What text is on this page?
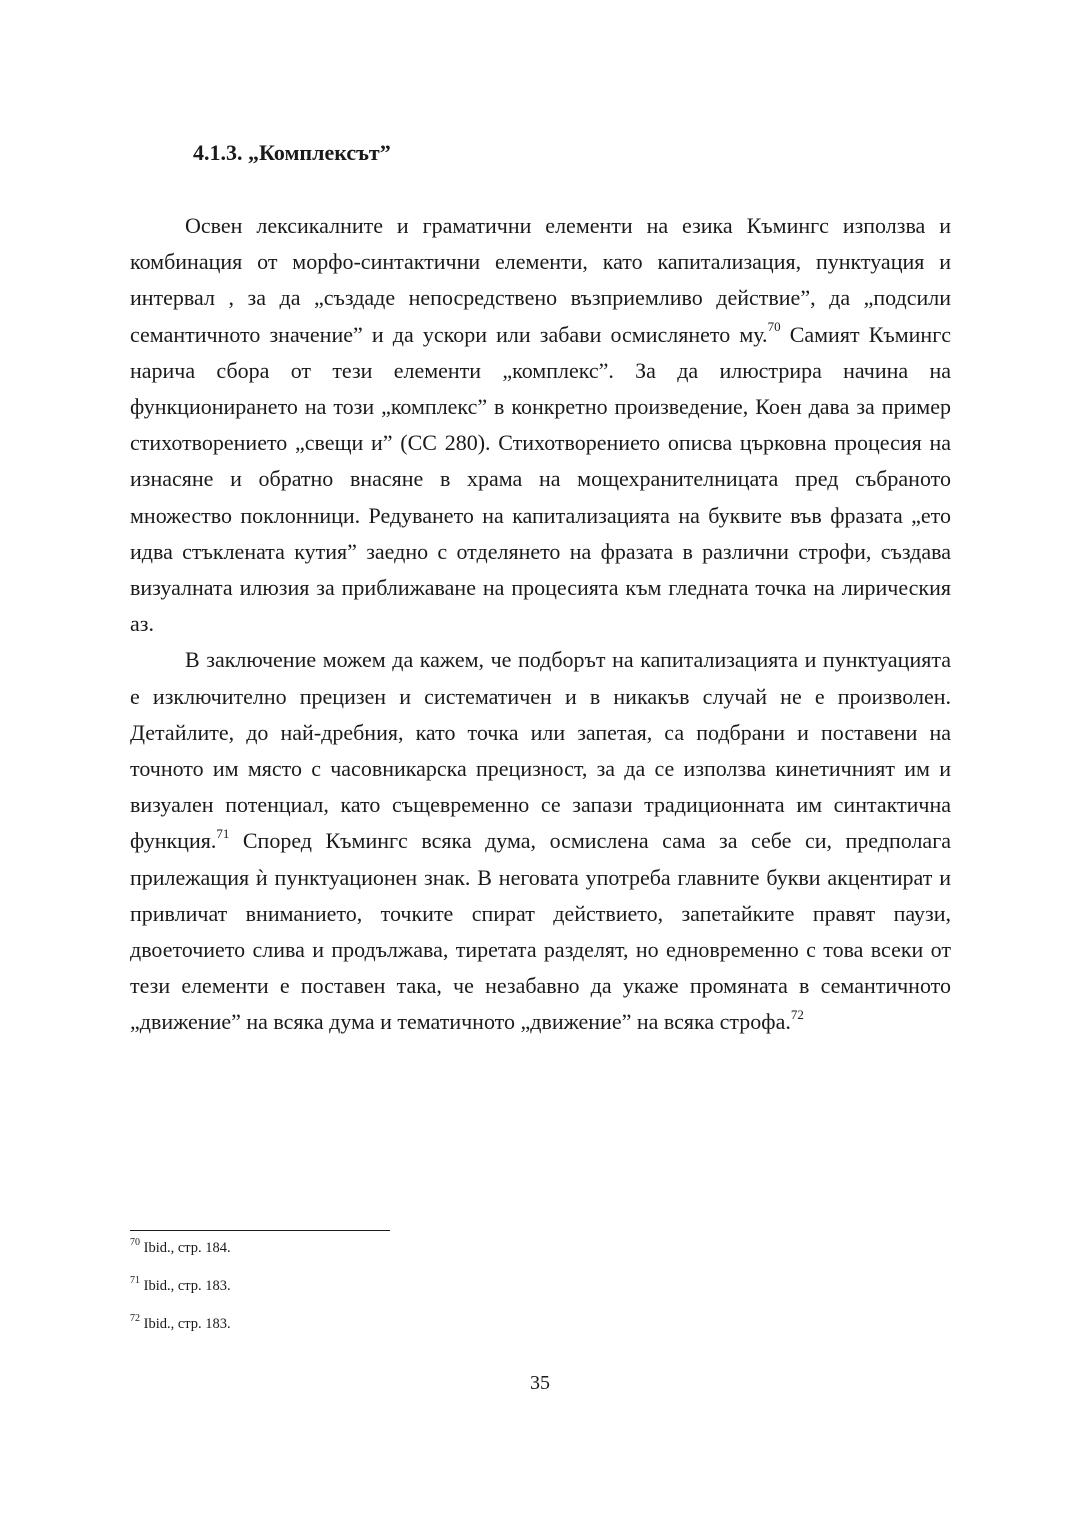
4.1.3. „Комплексът”

Освен лексикалните и граматични елементи на езика Къмингс използва и комбинация от морфо-синтактични елементи, като капитализация, пунктуация и интервал , за да „създаде непосредствено възприемливо действие”, да „подсили семантичното значение” и да ускори или забави осмислянето му.$^{70}$ Самият Къмингс нарича сбора от тези елементи „комплекс”. За да илюстрира начина на функционирането на този „комплекс” в конкретно произведение, Коен дава за пример стихотворението „свещи и” (CC 280). Стихотворението описва църковна процесия на изнасяне и обратно внасяне в храма на мощехранителницата пред събраното множество поклонници. Редуването на капитализацията на буквите във фразата „ето идва стъклената кутия” заедно с отделянето на фразата в различни строфи, създава визуалната илюзия за приближаване на процесията към гледната точка на лирическия аз.

В заключение можем да кажем, че подборът на капитализацията и пунктуацията е изключително прецизен и систематичен и в никакъв случай не е произволен. Детайлите, до най-дребния, като точка или запетая, са подбрани и поставени на точното им място с часовникарска прецизност, за да се използва кинетичният им и визуален потенциал, като същевременно се запази традиционната им синтактична функция.$^{71}$ Според Къмингс всяка дума, осмислена сама за себе си, предполага прилежащия ѝ пунктуационен знак. В неговата употреба главните букви акцентират и привличат вниманието, точките спират действието, запетайките правят паузи, двоеточието слива и продължава, тиретата разделят, но едновременно с това всеки от тези елементи е поставен така, че незабавно да укаже промяната в семантичното „движение” на всяка дума и тематичното „движение” на всяка строфа.$^{72}$

$^{70}$ Ibid., стр. 184.

$^{71}$ Ibid., стр. 183.

$^{72}$ Ibid., стр. 183.

35
